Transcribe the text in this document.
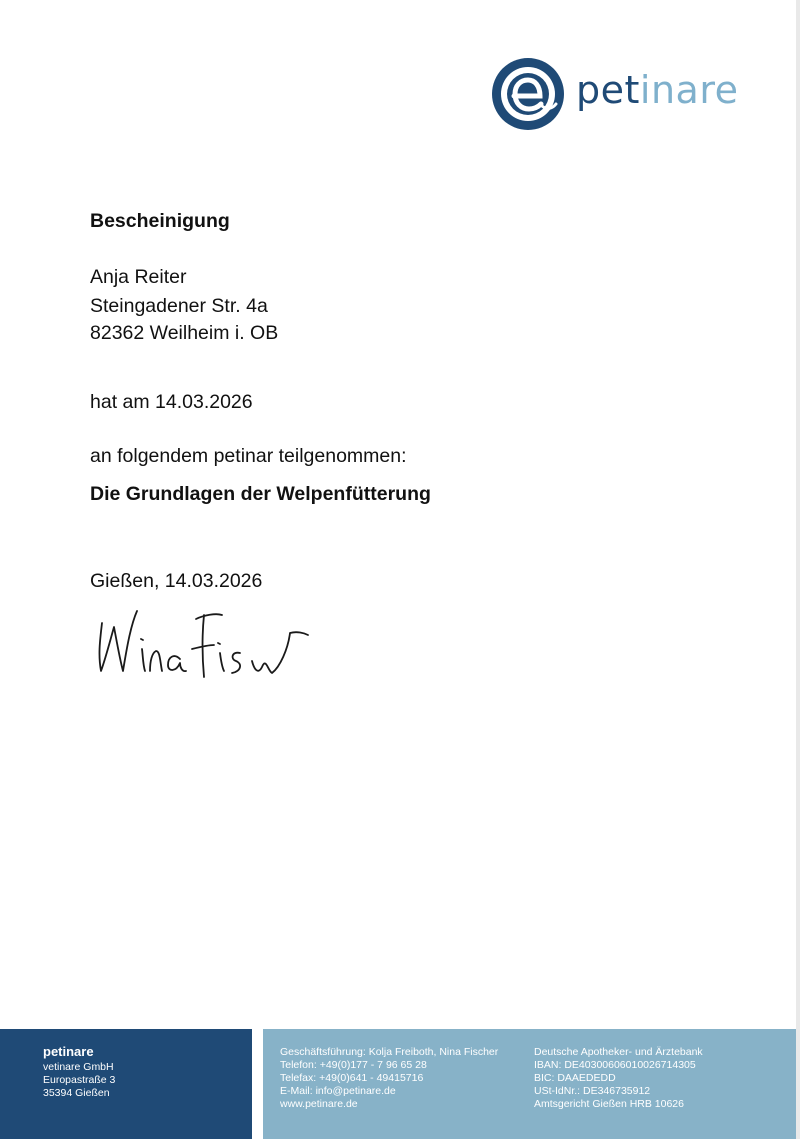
petinare
Bescheinigung
Anja Reiter
Steingadener Str. 4a
82362 Weilheim i. OB
hat am 14.03.2026
an folgendem petinar teilgenommen:
Die Grundlagen der Welpenfütterung
Gießen, 14.03.2026
petinare
vetinare GmbH
Europastraße 3
35394 Gießen
Geschäftsführung: Kolja Freiboth, Nina Fischer
Telefon: +49(0)177 - 7 96 65 28
Telefax: +49(0)641 - 49415716
E-Mail: info@petinare.de
www.petinare.de
Deutsche Apotheker- und Ärztebank
IBAN: DE40300606010026714305
BIC: DAAEDEDD
USt-IdNr.: DE346735912
Amtsgericht Gießen HRB 10626
